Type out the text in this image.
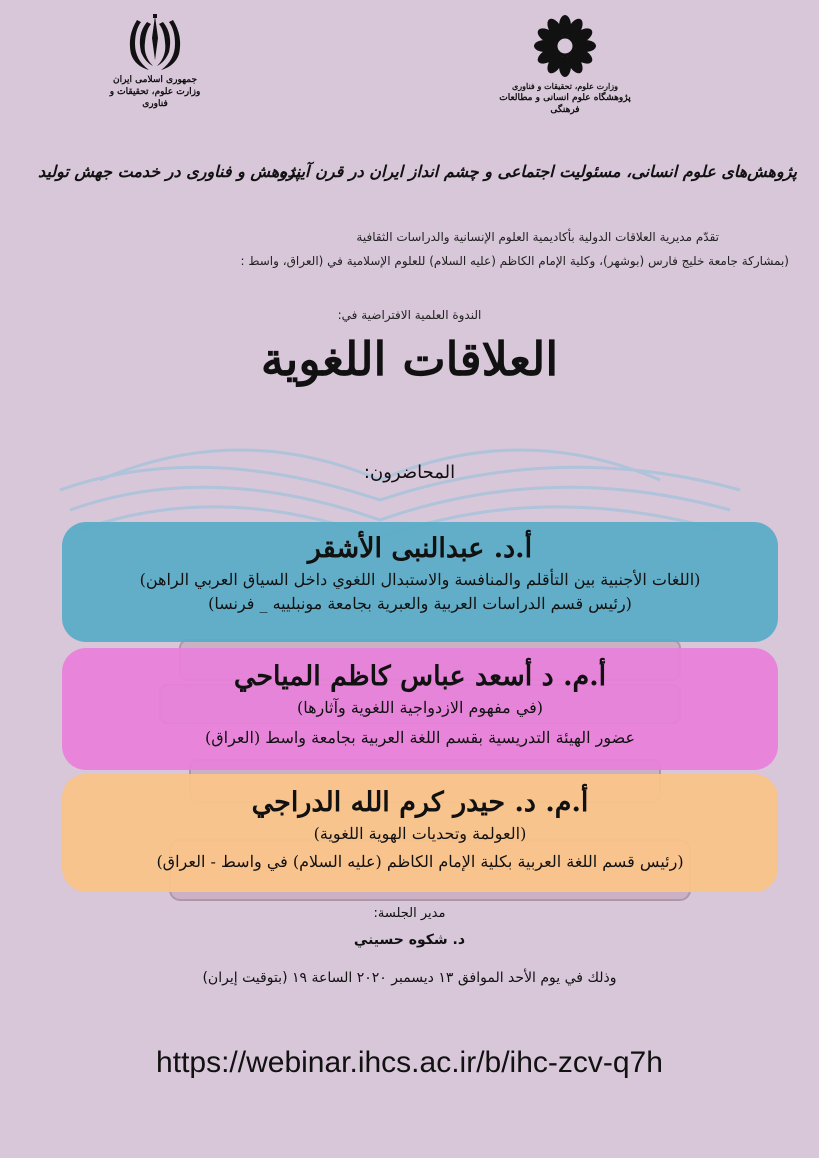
جمهوری اسلامی ایران
وزارت علوم، تحقیقات و فناوری
وزارت علوم، تحقیقات و فناوری
پژوهشگاه علوم انسانی و مطالعات فرهنگی
پژوهش‌های علوم انسانی، مسئولیت اجتماعی و چشم انداز ایران در قرن آینده
پژوهش و فناوری در خدمت جهش تولید
تقدّم مديرية العلاقات الدولية بأكاديمية العلوم الإنسانية والدراسات الثقافية
(بمشاركة جامعة خليج فارس (بوشهر)، وكلية الإمام الكاظم (عليه السلام) للعلوم الإسلامية في (العراق، واسط :
الندوة العلمية الافتراضية في:
العلاقات اللغوية
المحاضرون:
أ.د. عبدالنبی الأشقر
(اللغات الأجنبية بين التأقلم والمنافسة والاستبدال اللغوي داخل السياق العربي الراهن)
(رئيس قسم الدراسات العربية والعبرية بجامعة مونبلييه _ فرنسا)
أ.م. د أسعد عباس كاظم المياحي
(في مفهوم الازدواجية اللغوية وآثارها)
عضور الهيئة التدريسية بقسم اللغة العربية بجامعة واسط (العراق)
أ.م. د. حيدر كرم الله الدراجي
(العولمة وتحديات الهوية اللغوية)
(رئيس قسم اللغة العربية بكلية الإمام الكاظم (عليه السلام) في واسط - العراق)
مدير الجلسة:
د. شكوه حسيني
وذلك في يوم الأحد الموافق ١٣ ديسمبر ٢٠٢٠ الساعة ١٩ (بتوقيت إيران)
https://webinar.ihcs.ac.ir/b/ihc-zcv-q7h
